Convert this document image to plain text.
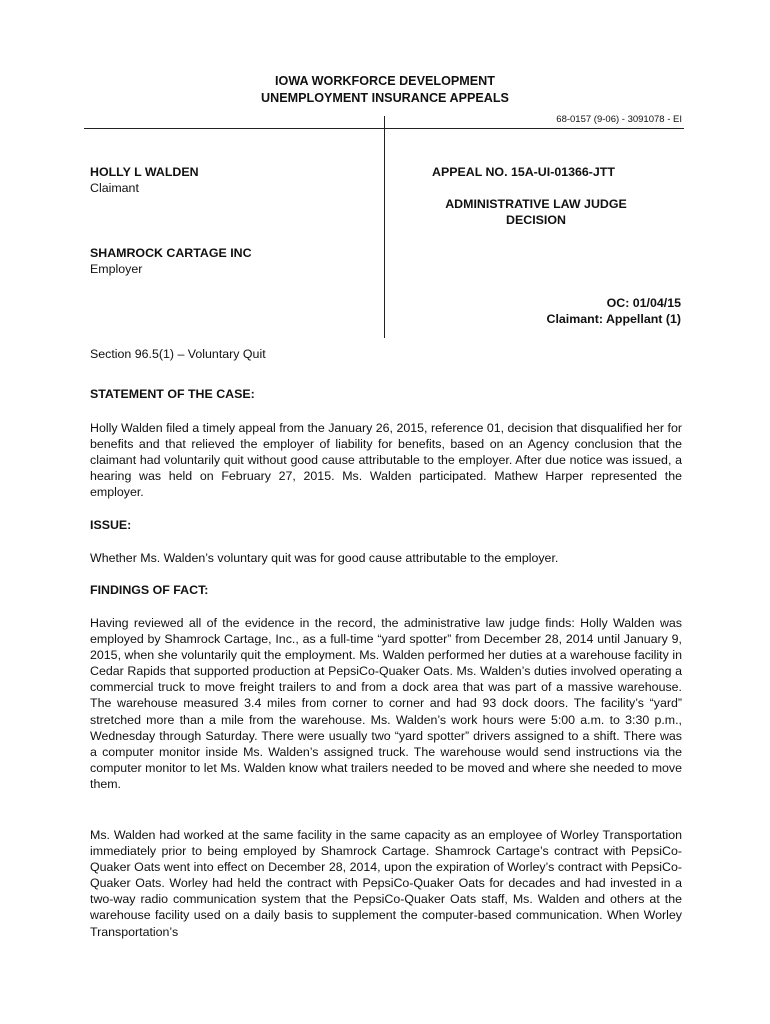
IOWA WORKFORCE DEVELOPMENT
UNEMPLOYMENT INSURANCE APPEALS
68-0157 (9-06) - 3091078 - EI
HOLLY L WALDEN
Claimant
SHAMROCK CARTAGE INC
Employer
APPEAL NO. 15A-UI-01366-JTT
ADMINISTRATIVE LAW JUDGE
DECISION
OC: 01/04/15
Claimant: Appellant (1)
Section 96.5(1) – Voluntary Quit
STATEMENT OF THE CASE:
Holly Walden filed a timely appeal from the January 26, 2015, reference 01, decision that disqualified her for benefits and that relieved the employer of liability for benefits, based on an Agency conclusion that the claimant had voluntarily quit without good cause attributable to the employer. After due notice was issued, a hearing was held on February 27, 2015. Ms. Walden participated. Mathew Harper represented the employer.
ISSUE:
Whether Ms. Walden’s voluntary quit was for good cause attributable to the employer.
FINDINGS OF FACT:
Having reviewed all of the evidence in the record, the administrative law judge finds: Holly Walden was employed by Shamrock Cartage, Inc., as a full-time “yard spotter” from December 28, 2014 until January 9, 2015, when she voluntarily quit the employment. Ms. Walden performed her duties at a warehouse facility in Cedar Rapids that supported production at PepsiCo-Quaker Oats. Ms. Walden’s duties involved operating a commercial truck to move freight trailers to and from a dock area that was part of a massive warehouse. The warehouse measured 3.4 miles from corner to corner and had 93 dock doors. The facility’s “yard” stretched more than a mile from the warehouse. Ms. Walden’s work hours were 5:00 a.m. to 3:30 p.m., Wednesday through Saturday. There were usually two “yard spotter” drivers assigned to a shift. There was a computer monitor inside Ms. Walden’s assigned truck. The warehouse would send instructions via the computer monitor to let Ms. Walden know what trailers needed to be moved and where she needed to move them.
Ms. Walden had worked at the same facility in the same capacity as an employee of Worley Transportation immediately prior to being employed by Shamrock Cartage. Shamrock Cartage’s contract with PepsiCo-Quaker Oats went into effect on December 28, 2014, upon the expiration of Worley’s contract with PepsiCo-Quaker Oats. Worley had held the contract with PepsiCo-Quaker Oats for decades and had invested in a two-way radio communication system that the PepsiCo-Quaker Oats staff, Ms. Walden and others at the warehouse facility used on a daily basis to supplement the computer-based communication. When Worley Transportation’s
